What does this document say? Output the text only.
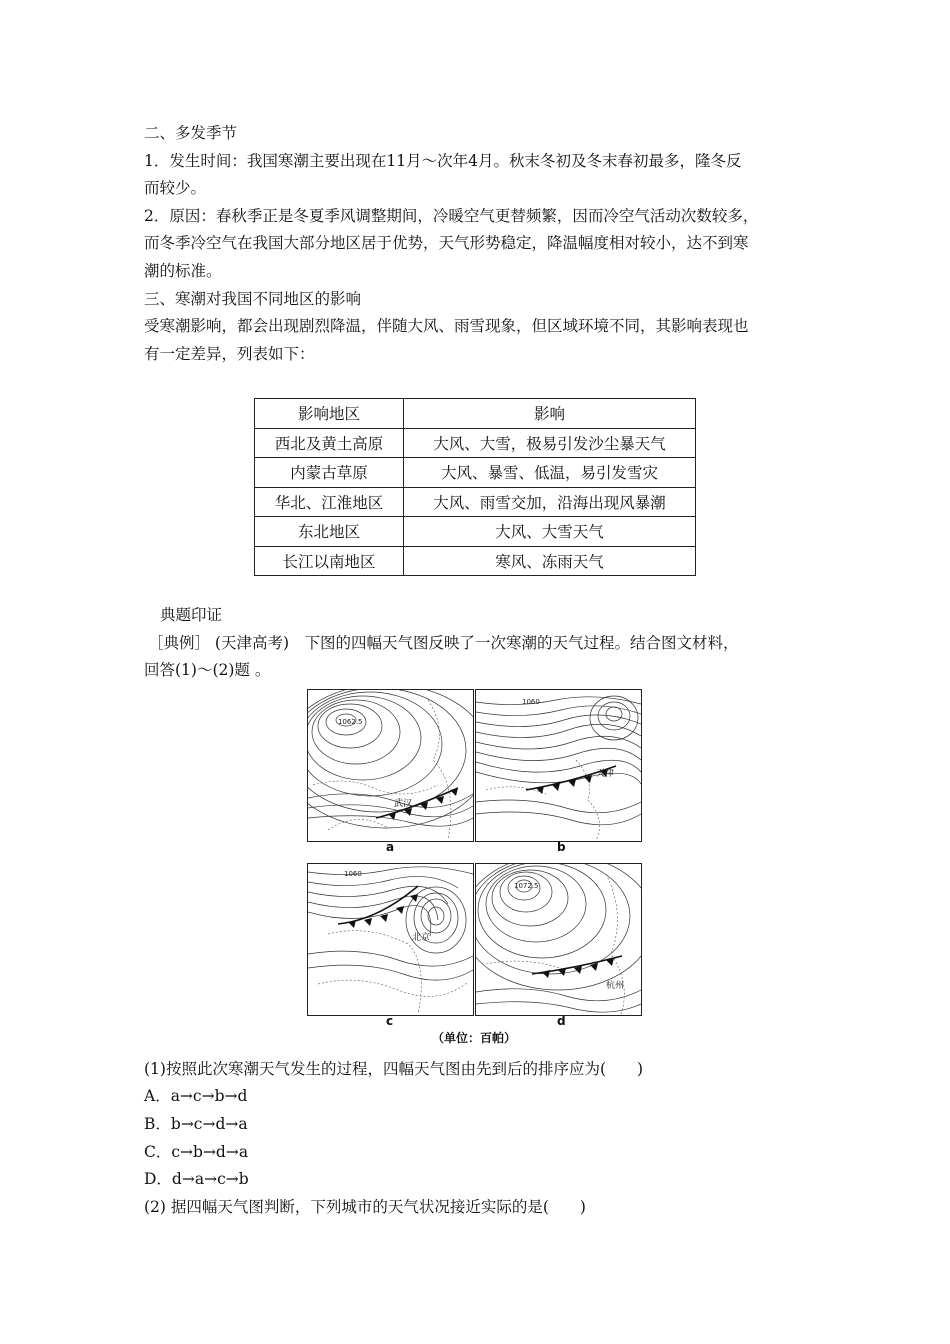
二、多发季节
1．发生时间：我国寒潮主要出现在11月～次年4月。秋末冬初及冬末春初最多，隆冬反
而较少。
2．原因：春秋季正是冬夏季风调整期间，冷暖空气更替频繁，因而冷空气活动次数较多，
而冬季冷空气在我国大部分地区居于优势，天气形势稳定，降温幅度相对较小，达不到寒
潮的标准。
三、寒潮对我国不同地区的影响
受寒潮影响，都会出现剧烈降温，伴随大风、雨雪现象，但区域环境不同，其影响表现也
有一定差异，列表如下：
影响地区	影响
西北及黄土高原	大风、大雪，极易引发沙尘暴天气
内蒙古草原	大风、暴雪、低温，易引发雪灾
华北、江淮地区	大风、雨雪交加，沿海出现风暴潮
东北地区	大风、大雪天气
长江以南地区	寒风、冻雨天气
典题印证
［典例］ (天津高考)　下图的四幅天气图反映了一次寒潮的天气过程。结合图文材料，
回答(1)～(2)题 。
1062.5
武汉
a
1060
天津
b
1060
北京
c
1072.5
杭州
d
（单位：百帕）
(1)按照此次寒潮天气发生的过程，四幅天气图由先到后的排序应为(　　)
A．a→c→b→d
B．b→c→d→a
C．c→b→d→a
D．d→a→c→b
(2) 据四幅天气图判断，下列城市的天气状况接近实际的是(　　)
